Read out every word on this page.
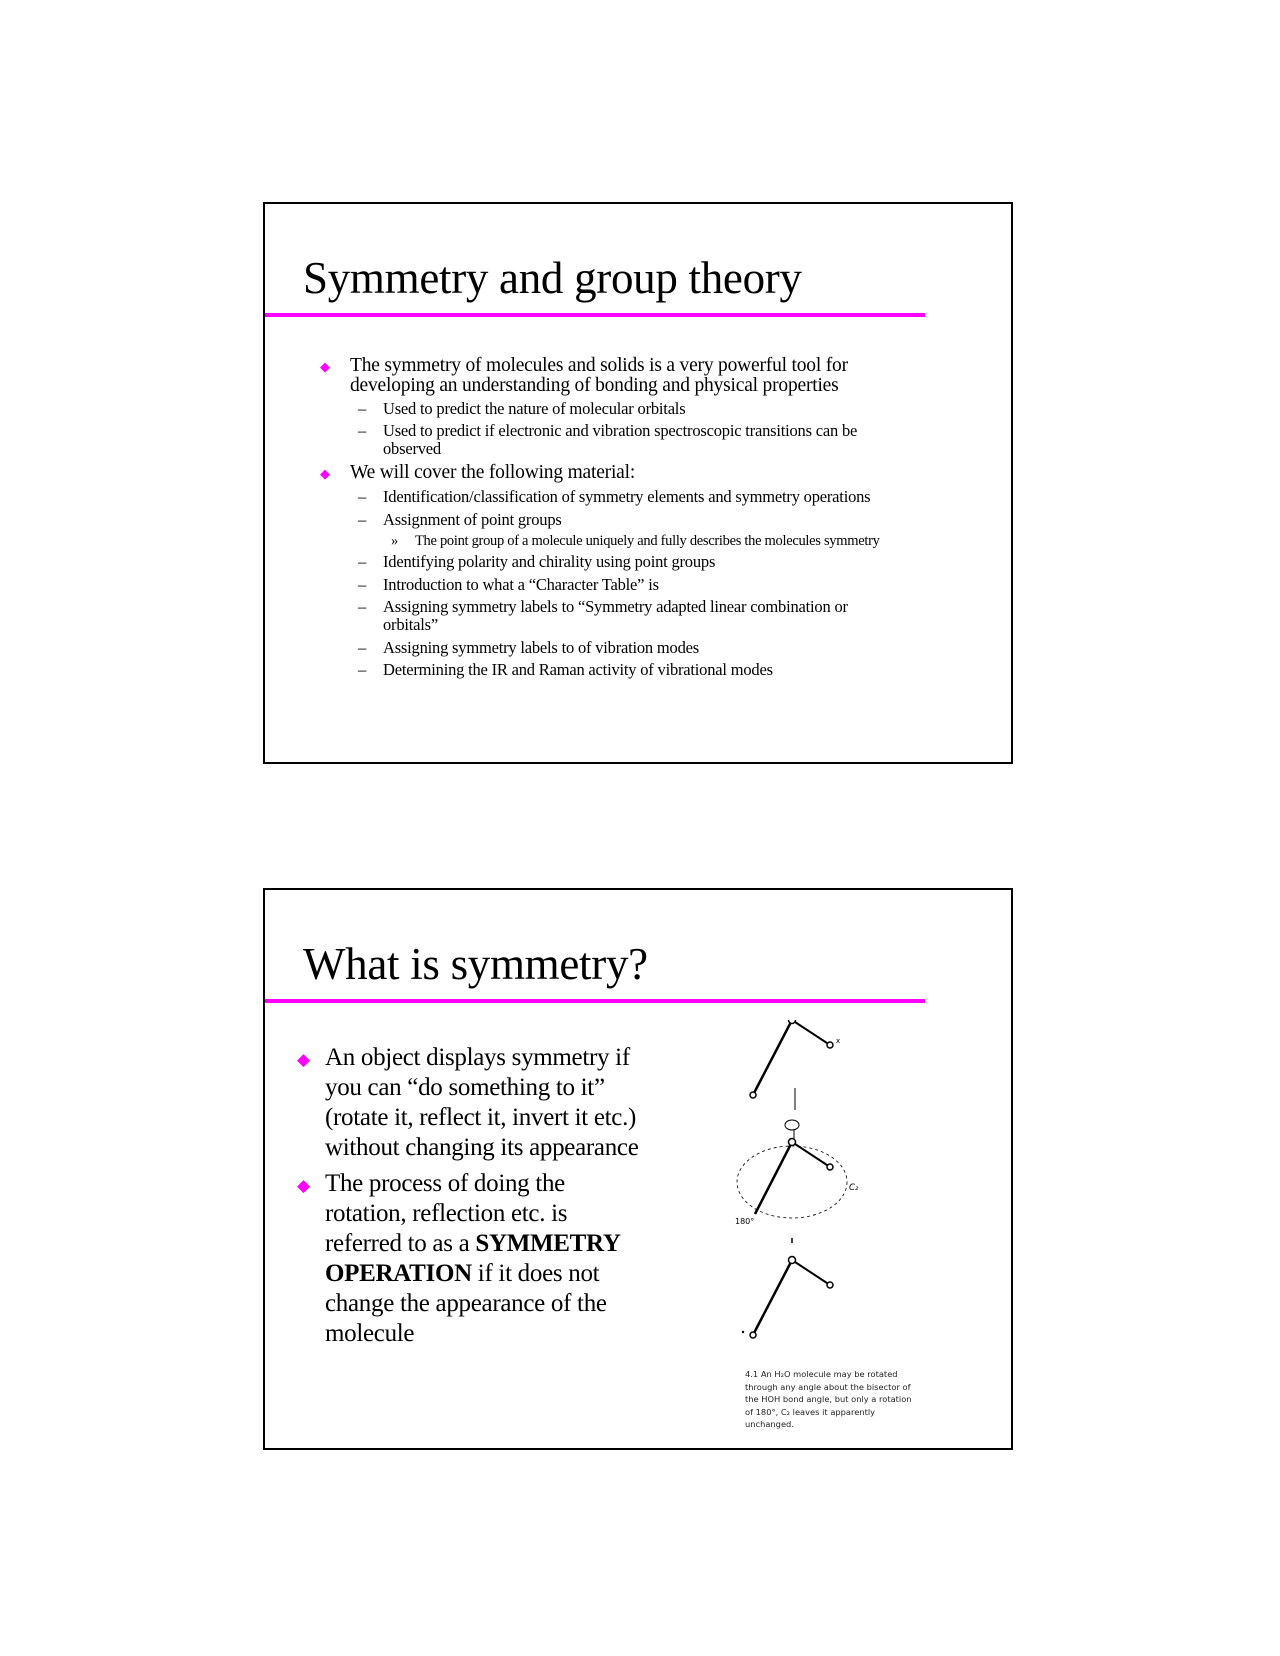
Symmetry and group theory
◆ The symmetry of molecules and solids is a very powerful tool for
developing an understanding of bonding and physical properties
– Used to predict the nature of molecular orbitals
– Used to predict if electronic and vibration spectroscopic transitions can be
observed
◆ We will cover the following material:
– Identification/classification of symmetry elements and symmetry operations
– Assignment of point groups
» The point group of a molecule uniquely and fully describes the molecules symmetry
– Identifying polarity and chirality using point groups
– Introduction to what a “Character Table” is
– Assigning symmetry labels to “Symmetry adapted linear combination or
orbitals”
– Assigning symmetry labels to of vibration modes
– Determining the IR and Raman activity of vibrational modes
What is symmetry?
◆ An object displays symmetry if
you can “do something to it”
(rotate it, reflect it, invert it etc.)
without changing its appearance
◆ The process of doing the
rotation, reflection etc. is
referred to as a SYMMETRY
OPERATION if it does not
change the appearance of the
molecule
x
C₂
180°
4.1 An H₂O molecule may be rotated
through any angle about the bisector of
the HOH bond angle, but only a rotation
of 180°, C₂ leaves it apparently
unchanged.
